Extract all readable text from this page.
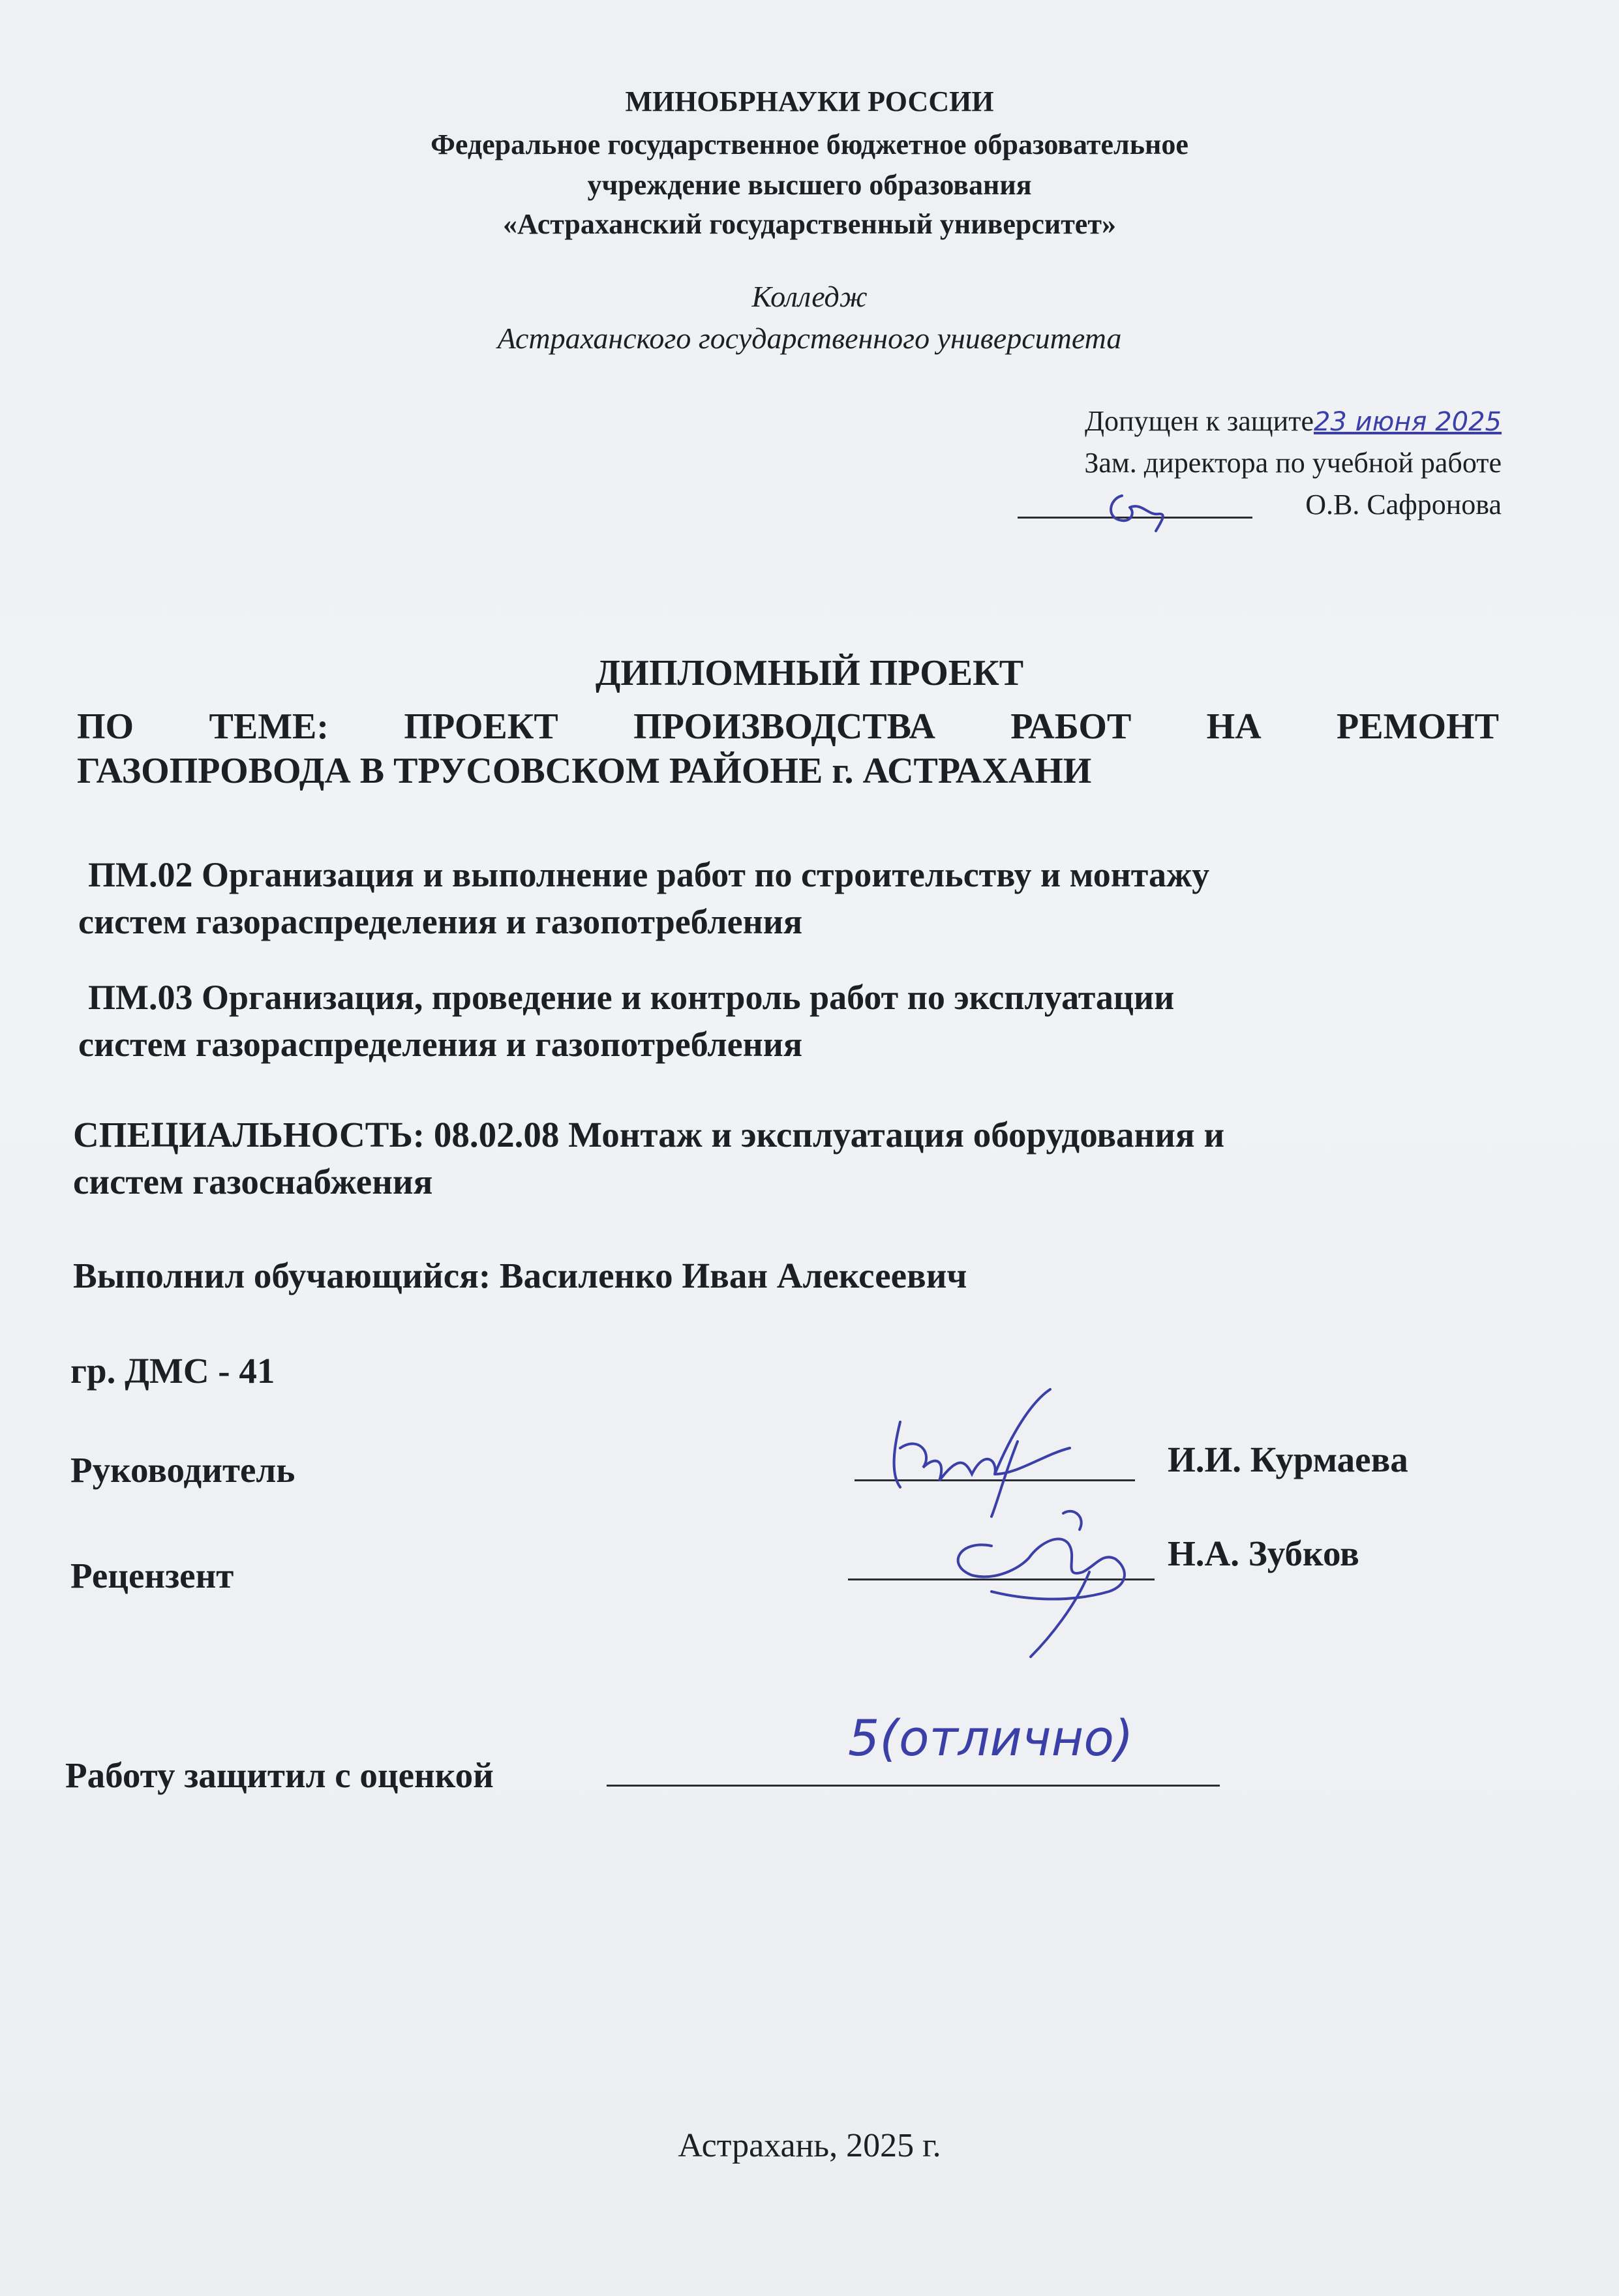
МИНОБРНАУКИ РОССИИ
Федеральное государственное бюджетное образовательное
учреждение высшего образования
«Астраханский государственный университет»
Колледж
Астраханского государственного университета
Допущен к защите23 июня 2025
Зам. директора по учебной работе
О.В. Сафронова
ДИПЛОМНЫЙ ПРОЕКТ
ПО ТЕМЕ: ПРОЕКТ ПРОИЗВОДСТВА РАБОТ НА РЕМОНТ
ГАЗОПРОВОДА В ТРУСОВСКОМ РАЙОНЕ г. АСТРАХАНИ
ПМ.02 Организация и выполнение работ по строительству и монтажу
систем газораспределения и газопотребления
ПМ.03 Организация, проведение и контроль работ по эксплуатации
систем газораспределения и газопотребления
СПЕЦИАЛЬНОСТЬ: 08.02.08 Монтаж и эксплуатация оборудования и
систем газоснабжения
Выполнил обучающийся: Василенко Иван Алексеевич
гр. ДМС - 41
Руководитель	И.И. Курмаева
Рецензент
Н.А. Зубков
Работу защитил с оценкой
5(отлично)
Астрахань, 2025 г.
